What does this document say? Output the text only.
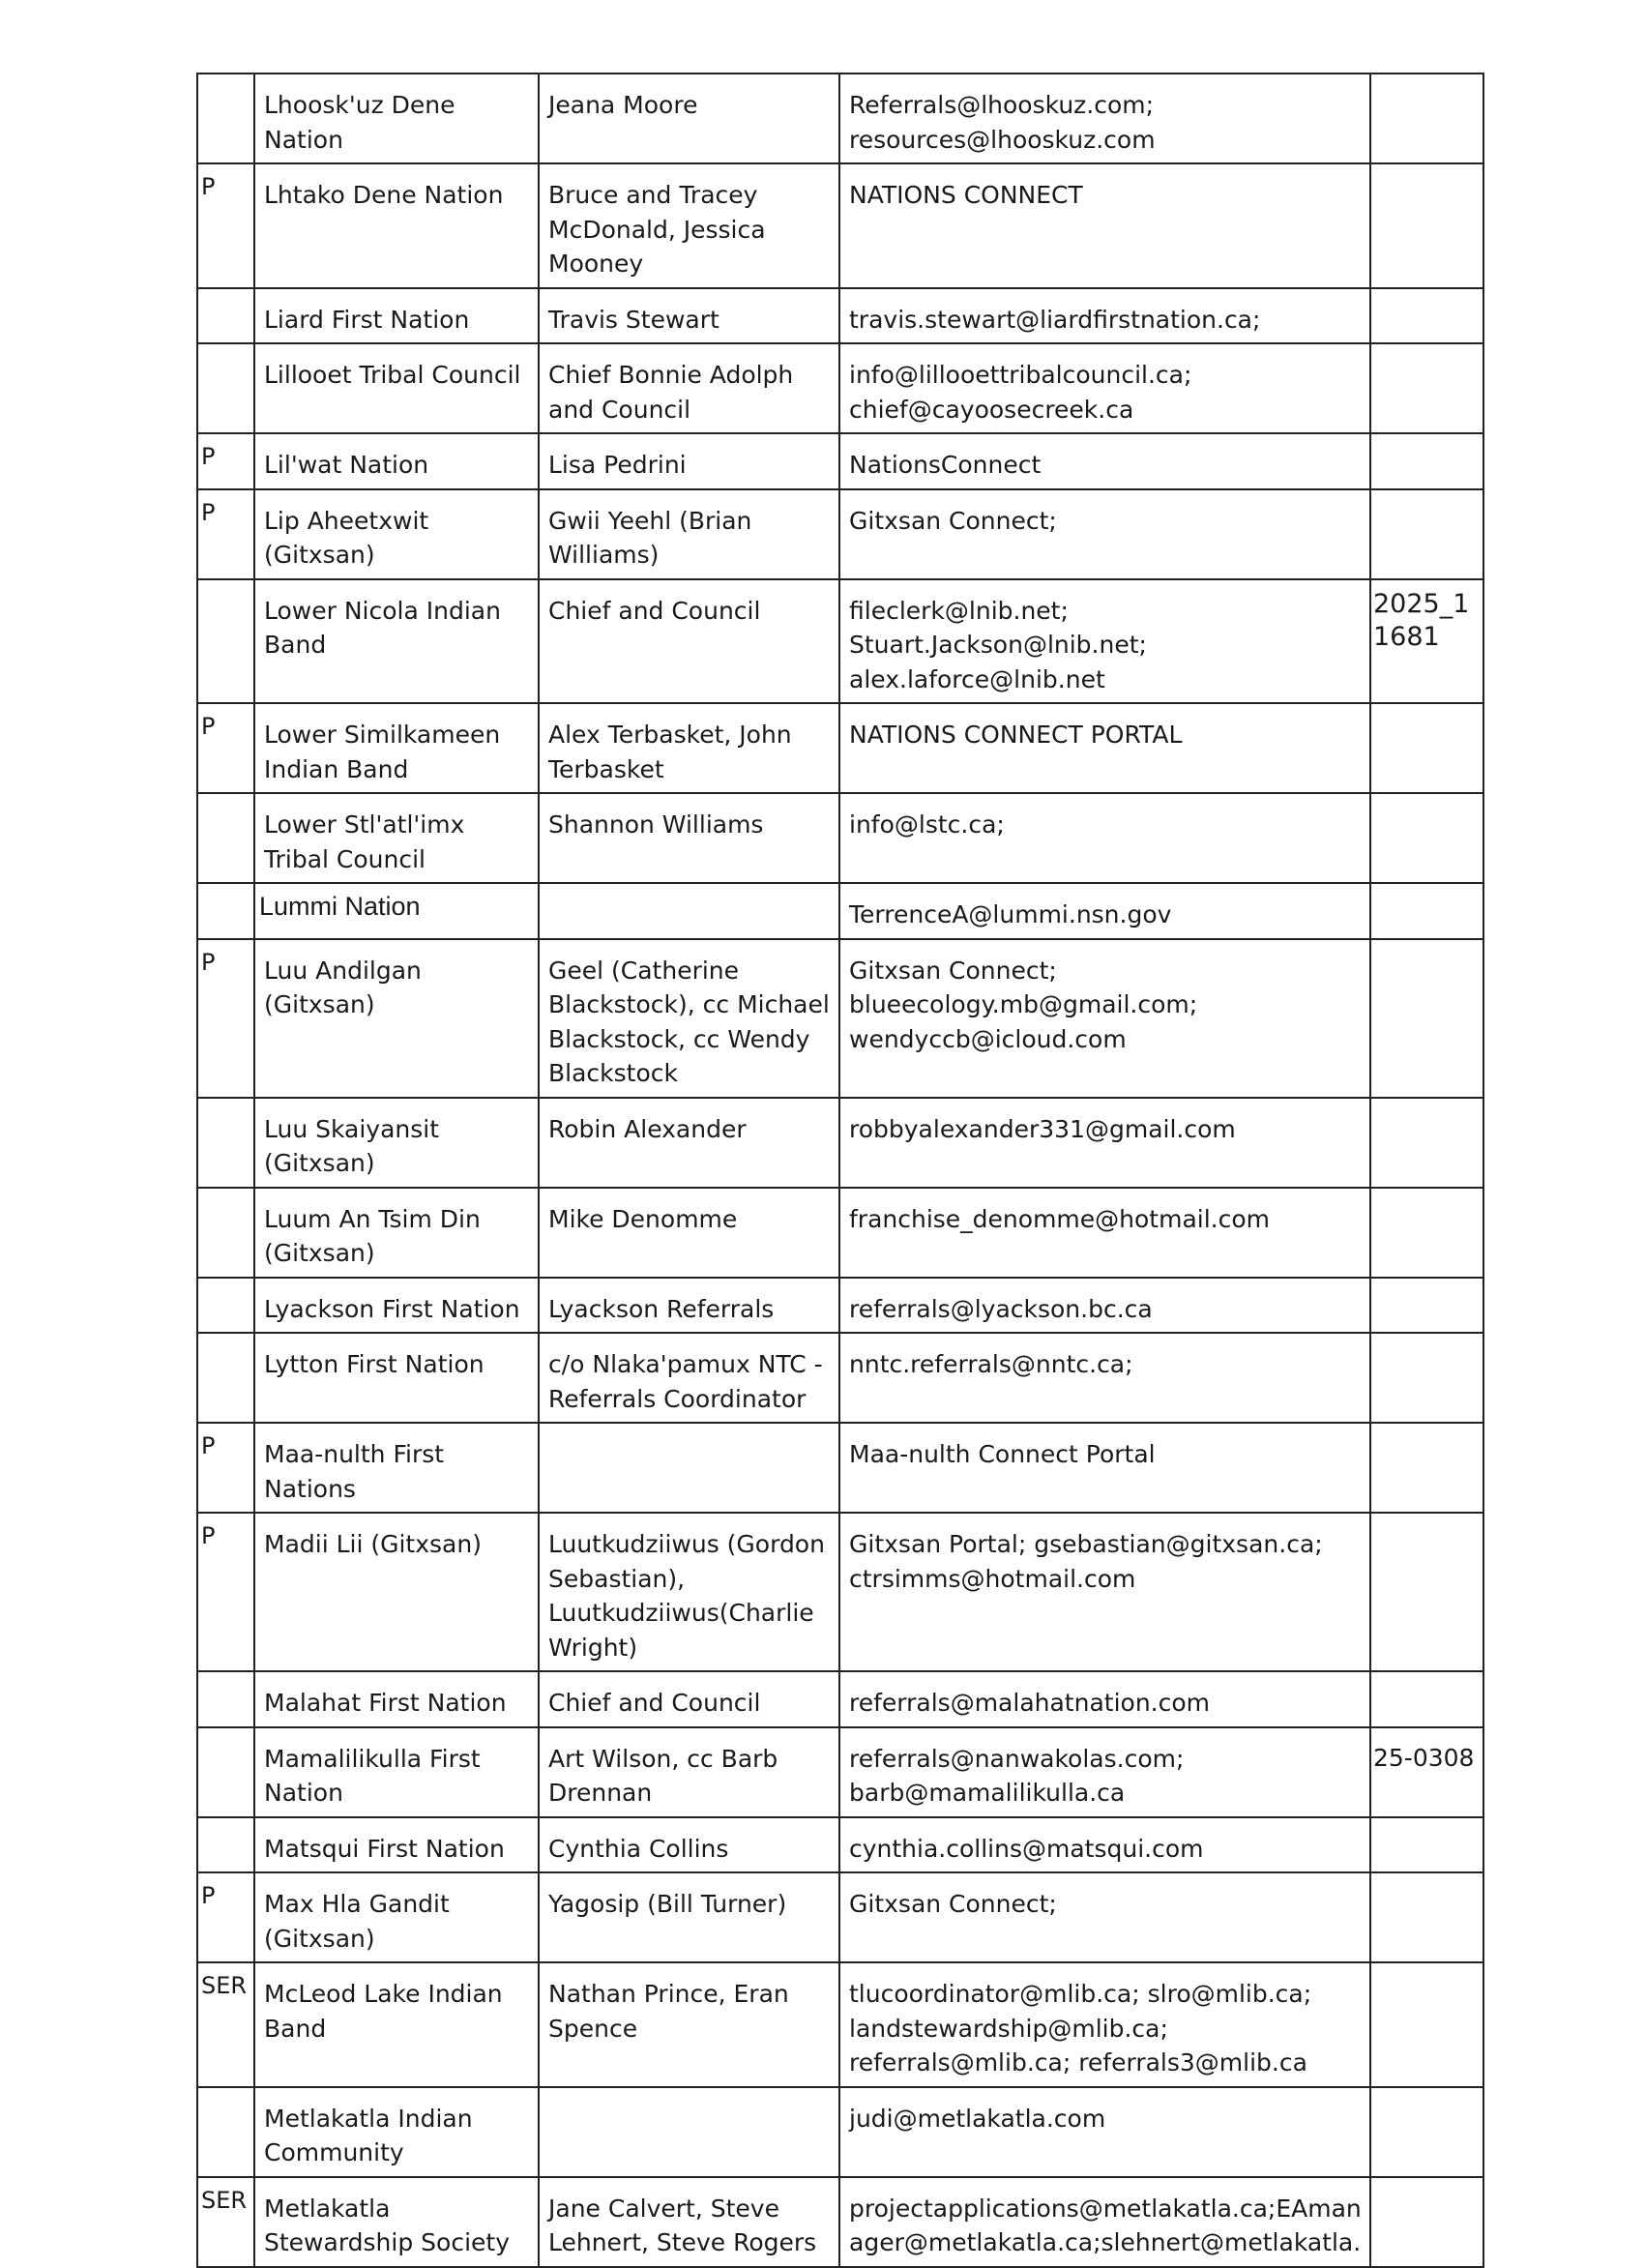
	Lhoosk'uz Dene Nation	Jeana Moore	Referrals@lhooskuz.com; resources@lhooskuz.com	
P	Lhtako Dene Nation	Bruce and Tracey McDonald, Jessica Mooney	NATIONS CONNECT	
	Liard First Nation	Travis Stewart	travis.stewart@liardfirstnation.ca;	
	Lillooet Tribal Council	Chief Bonnie Adolph and Council	info@lillooettribalcouncil.ca; chief@cayoosecreek.ca	
P	Lil'wat Nation	Lisa Pedrini	NationsConnect	
P	Lip Aheetxwit (Gitxsan)	Gwii Yeehl (Brian Williams)	Gitxsan Connect;	
	Lower Nicola Indian Band	Chief and Council	fileclerk@lnib.net; Stuart.Jackson@lnib.net; alex.laforce@lnib.net	2025_11681
P	Lower Similkameen Indian Band	Alex Terbasket, John Terbasket	NATIONS CONNECT PORTAL	
	Lower Stl'atl'imx Tribal Council	Shannon Williams	info@lstc.ca;	
	Lummi Nation		TerrenceA@lummi.nsn.gov	
P	Luu Andilgan (Gitxsan)	Geel (Catherine Blackstock), cc Michael Blackstock, cc Wendy Blackstock	Gitxsan Connect; blueecology.mb@gmail.com; wendyccb@icloud.com	
	Luu Skaiyansit (Gitxsan)	Robin Alexander	robbyalexander331@gmail.com	
	Luum An Tsim Din (Gitxsan)	Mike Denomme	franchise_denomme@hotmail.com	
	Lyackson First Nation	Lyackson Referrals	referrals@lyackson.bc.ca	
	Lytton First Nation	c/o Nlaka'pamux NTC - Referrals Coordinator	nntc.referrals@nntc.ca;	
P	Maa-nulth First Nations		Maa-nulth Connect Portal	
P	Madii Lii (Gitxsan)	Luutkudziiwus (Gordon Sebastian), Luutkudziiwus(Charlie Wright)	Gitxsan Portal; gsebastian@gitxsan.ca; ctrsimms@hotmail.com	
	Malahat First Nation	Chief and Council	referrals@malahatnation.com	
	Mamalilikulla First Nation	Art Wilson, cc Barb Drennan	referrals@nanwakolas.com; barb@mamalilikulla.ca	25-0308
	Matsqui First Nation	Cynthia Collins	cynthia.collins@matsqui.com	
P	Max Hla Gandit (Gitxsan)	Yagosip (Bill Turner)	Gitxsan Connect;	
SER	McLeod Lake Indian Band	Nathan Prince, Eran Spence	tlucoordinator@mlib.ca; slro@mlib.ca; landstewardship@mlib.ca; referrals@mlib.ca; referrals3@mlib.ca	
	Metlakatla Indian Community		judi@metlakatla.com	
SER	Metlakatla Stewardship Society	Jane Calvert, Steve Lehnert, Steve Rogers	projectapplications@metlakatla.ca;EAmanager@metlakatla.ca;slehnert@metlakatla.	
